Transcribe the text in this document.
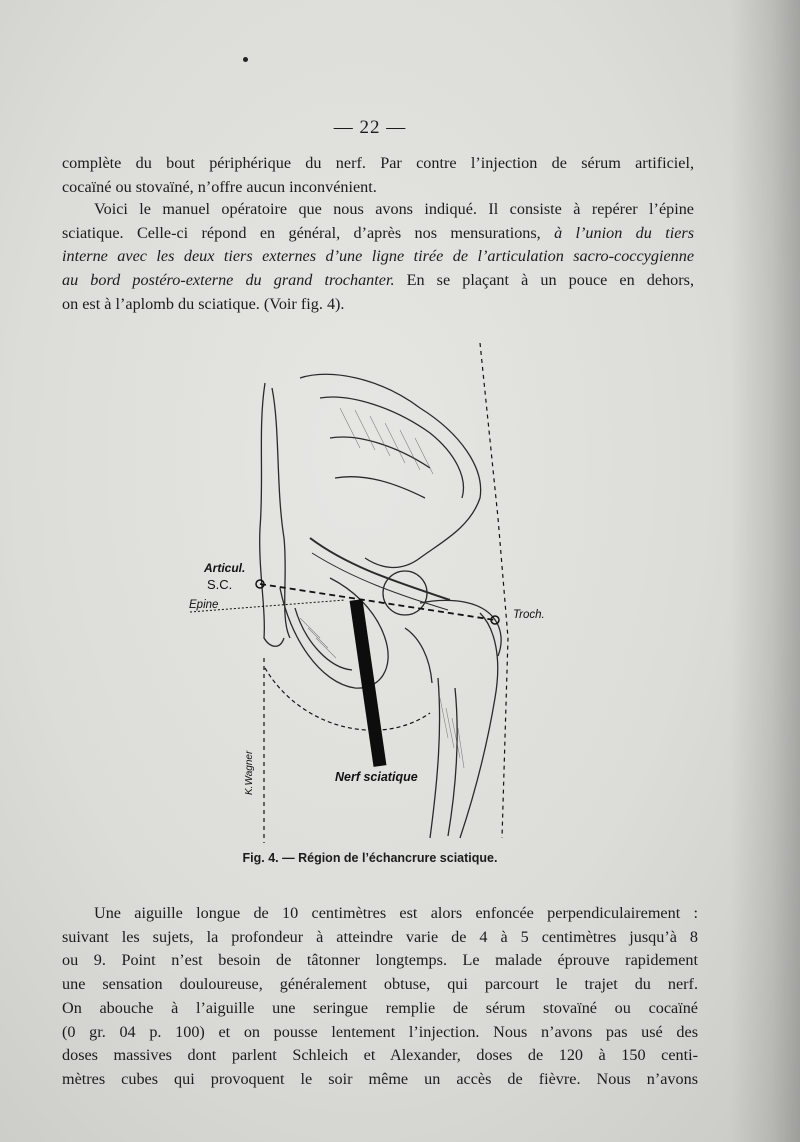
— 22 —
complète du bout périphérique du nerf. Par contre l’injection de sérum artificiel,
cocaïné ou stovaïné, n’offre aucun inconvénient.
Voici le manuel opératoire que nous avons indiqué. Il consiste à repérer l’épine
sciatique. Celle-ci répond en général, d’après nos mensurations, à l’union du tiers
interne avec les deux tiers externes d’une ligne tirée de l’articulation sacro-coccygienne
au bord postéro-externe du grand trochanter. En se plaçant à un pouce en dehors,
on est à l’aplomb du sciatique. (Voir fig. 4).
Articul.
S.C.
Epine
Troch.
Nerf sciatique
K.Wagner
Fig. 4. — Région de l’échancrure sciatique.
Une aiguille longue de 10 centimètres est alors enfoncée perpendiculairement :
suivant les sujets, la profondeur à atteindre varie de 4 à 5 centimètres jusqu’à 8
ou 9. Point n’est besoin de tâtonner longtemps. Le malade éprouve rapidement
une sensation douloureuse, généralement obtuse, qui parcourt le trajet du nerf.
On abouche à l’aiguille une seringue remplie de sérum stovaïné ou cocaïné
(0 gr. 04 p. 100) et on pousse lentement l’injection. Nous n’avons pas usé des
doses massives dont parlent Schleich et Alexander, doses de 120 à 150 centi-
mètres cubes qui provoquent le soir même un accès de fièvre. Nous n’avons
